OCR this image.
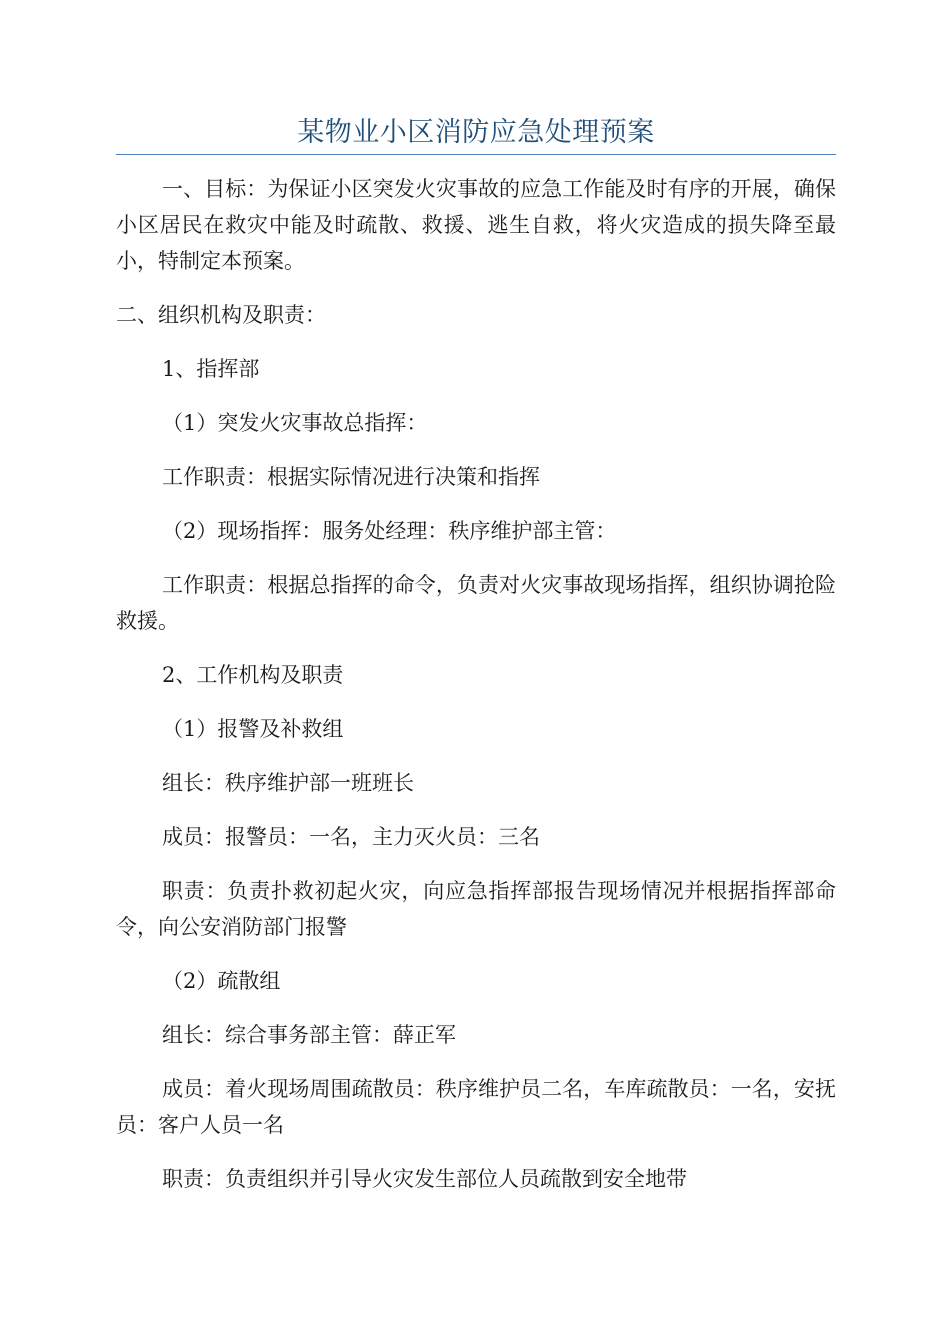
某物业小区消防应急处理预案

一、目标：为保证小区突发火灾事故的应急工作能及时有序的开展，确保小区居民在救灾中能及时疏散、救援、逃生自救，将火灾造成的损失降至最小，特制定本预案。

二、组织机构及职责：

1、指挥部

（1）突发火灾事故总指挥：

工作职责：根据实际情况进行决策和指挥

（2）现场指挥：服务处经理：秩序维护部主管：

工作职责：根据总指挥的命令，负责对火灾事故现场指挥，组织协调抢险救援。

2、工作机构及职责

（1）报警及补救组

组长：秩序维护部一班班长

成员：报警员：一名，主力灭火员：三名

职责：负责扑救初起火灾，向应急指挥部报告现场情况并根据指挥部命令，向公安消防部门报警

（2）疏散组

组长：综合事务部主管：薛正军

成员：着火现场周围疏散员：秩序维护员二名，车库疏散员：一名，安抚员：客户人员一名

职责：负责组织并引导火灾发生部位人员疏散到安全地带
